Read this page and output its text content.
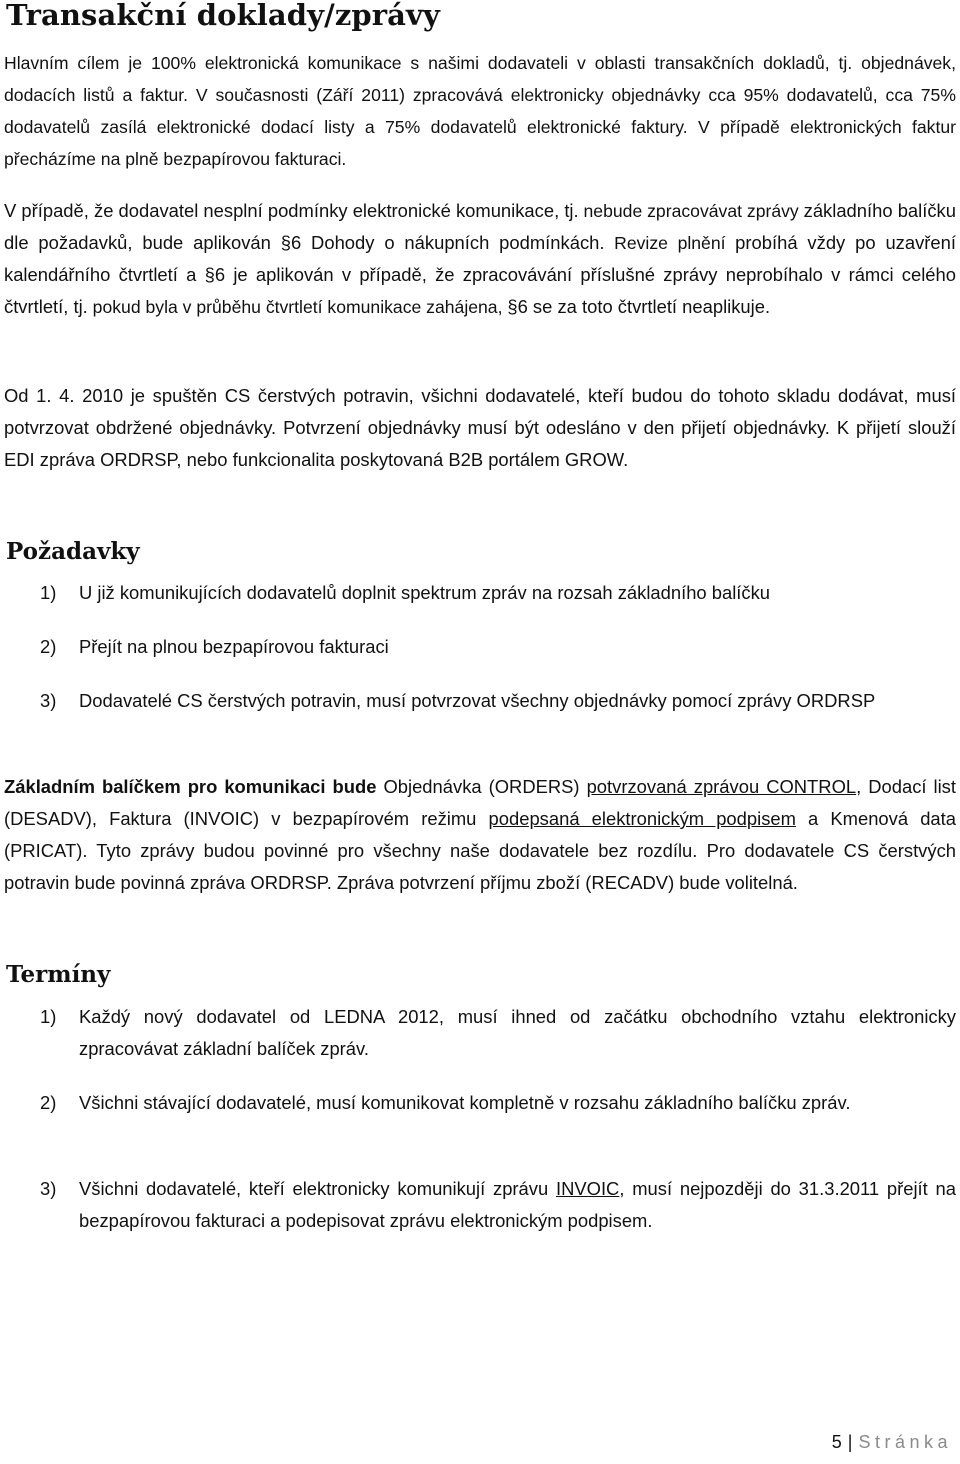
Transakční doklady/zprávy

Hlavním cílem je 100% elektronická komunikace s našimi dodavateli v oblasti transakčních dokladů, tj. objednávek, dodacích listů a faktur. V současnosti (Září 2011) zpracovává elektronicky objednávky cca 95% dodavatelů, cca 75% dodavatelů zasílá elektronické dodací listy a 75% dodavatelů elektronické faktury. V případě elektronických faktur přecházíme na plně bezpapírovou fakturaci.

V případě, že dodavatel nesplní podmínky elektronické komunikace, tj. nebude zpracovávat zprávy základního balíčku dle požadavků, bude aplikován §6 Dohody o nákupních podmínkách. Revize plnění probíhá vždy po uzavření kalendářního čtvrtletí a §6 je aplikován v případě, že zpracovávání příslušné zprávy neprobíhalo v rámci celého čtvrtletí, tj. pokud byla v průběhu čtvrtletí komunikace zahájena, §6 se za toto čtvrtletí neaplikuje.

Od 1. 4. 2010 je spuštěn CS čerstvých potravin, všichni dodavatelé, kteří budou do tohoto skladu dodávat, musí potvrzovat obdržené objednávky. Potvrzení objednávky musí být odesláno v den přijetí objednávky. K přijetí slouží EDI zpráva ORDRSP, nebo funkcionalita poskytovaná B2B portálem GROW.

Požadavky

1) U již komunikujících dodavatelů doplnit spektrum zpráv na rozsah základního balíčku

2) Přejít na plnou bezpapírovou fakturaci

3) Dodavatelé CS čerstvých potravin, musí potvrzovat všechny objednávky pomocí zprávy ORDRSP

Základním balíčkem pro komunikaci bude Objednávka (ORDERS) potvrzovaná zprávou CONTROL, Dodací list (DESADV), Faktura (INVOIC) v bezpapírovém režimu podepsaná elektronickým podpisem a Kmenová data (PRICAT). Tyto zprávy budou povinné pro všechny naše dodavatele bez rozdílu. Pro dodavatele CS čerstvých potravin bude povinná zpráva ORDRSP. Zpráva potvrzení příjmu zboží (RECADV) bude volitelná.

Termíny

1) Každý nový dodavatel od LEDNA 2012, musí ihned od začátku obchodního vztahu elektronicky zpracovávat základní balíček zpráv.

2) Všichni stávající dodavatelé, musí komunikovat kompletně v rozsahu základního balíčku zpráv.

3) Všichni dodavatelé, kteří elektronicky komunikují zprávu INVOIC, musí nejpozději do 31.3.2011 přejít na bezpapírovou fakturaci a podepisovat zprávu elektronickým podpisem.

5 | Stránka
